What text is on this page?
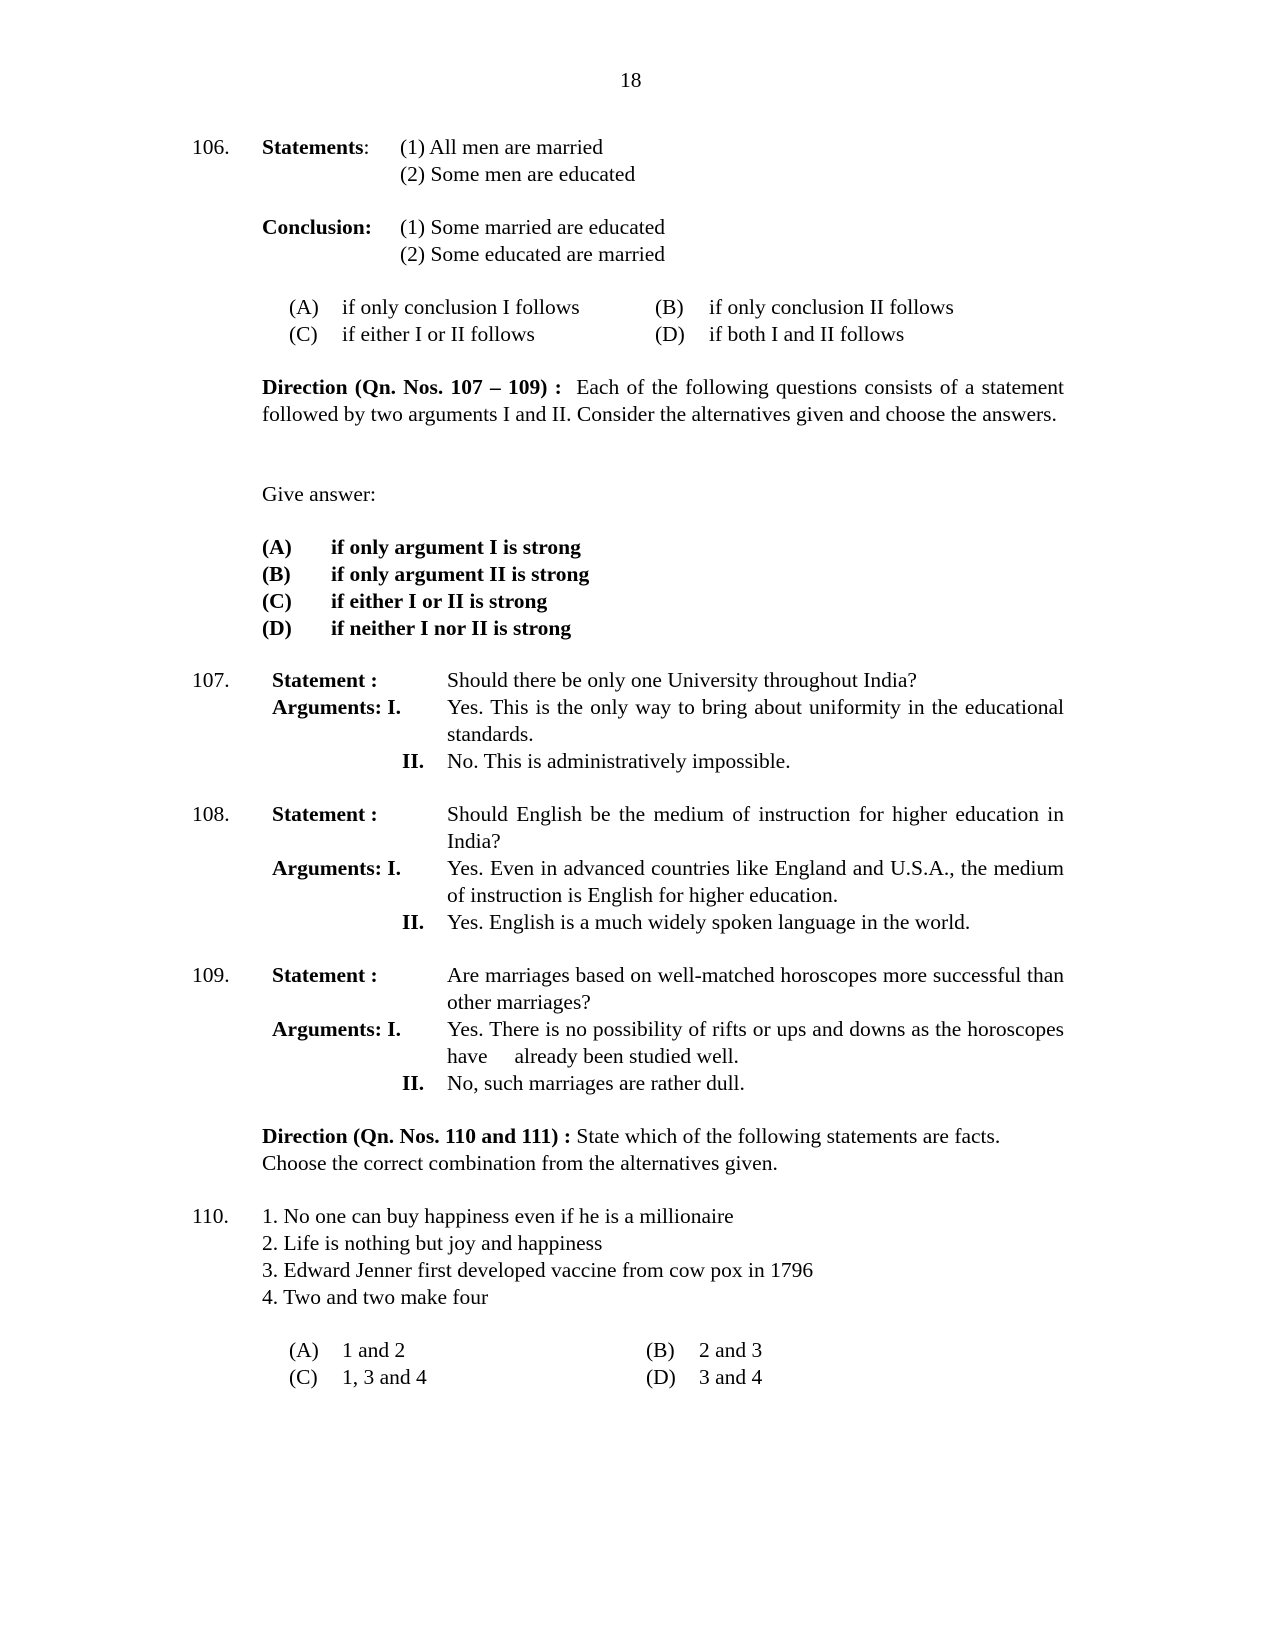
18
106. Statements: (1) All men are married
(2) Some men are educated
Conclusion: (1) Some married are educated
(2) Some educated are married
(A) if only conclusion I follows	(B) if only conclusion II follows
(C) if either I or II follows	(D) if both I and II follows
Direction (Qn. Nos. 107 – 109) : Each of the following questions consists of a statement followed by two arguments I and II. Consider the alternatives given and choose the answers.
Give answer:
(A) if only argument I is strong
(B) if only argument II is strong
(C) if either I or II is strong
(D) if neither I nor II is strong
107. Statement :	Should there be only one University throughout India?
Arguments: I. Yes. This is the only way to bring about uniformity in the educational standards.
II. No. This is administratively impossible.
108. Statement :	Should English be the medium of instruction for higher education in India?
Arguments: I. Yes. Even in advanced countries like England and U.S.A., the medium of instruction is English for higher education.
II. Yes. English is a much widely spoken language in the world.
109. Statement :	Are marriages based on well-matched horoscopes more successful than other marriages?
Arguments: I. Yes. There is no possibility of rifts or ups and downs as the horoscopes have     already been studied well.
II. No, such marriages are rather dull.
Direction (Qn. Nos. 110 and 111) : State which of the following statements are facts. Choose the correct combination from the alternatives given.
110. 1. No one can buy happiness even if he is a millionaire
2. Life is nothing but joy and happiness
3. Edward Jenner first developed vaccine from cow pox in 1796
4. Two and two make four
(A) 1 and 2	(B) 2 and 3
(C) 1, 3 and 4	(D) 3 and 4
